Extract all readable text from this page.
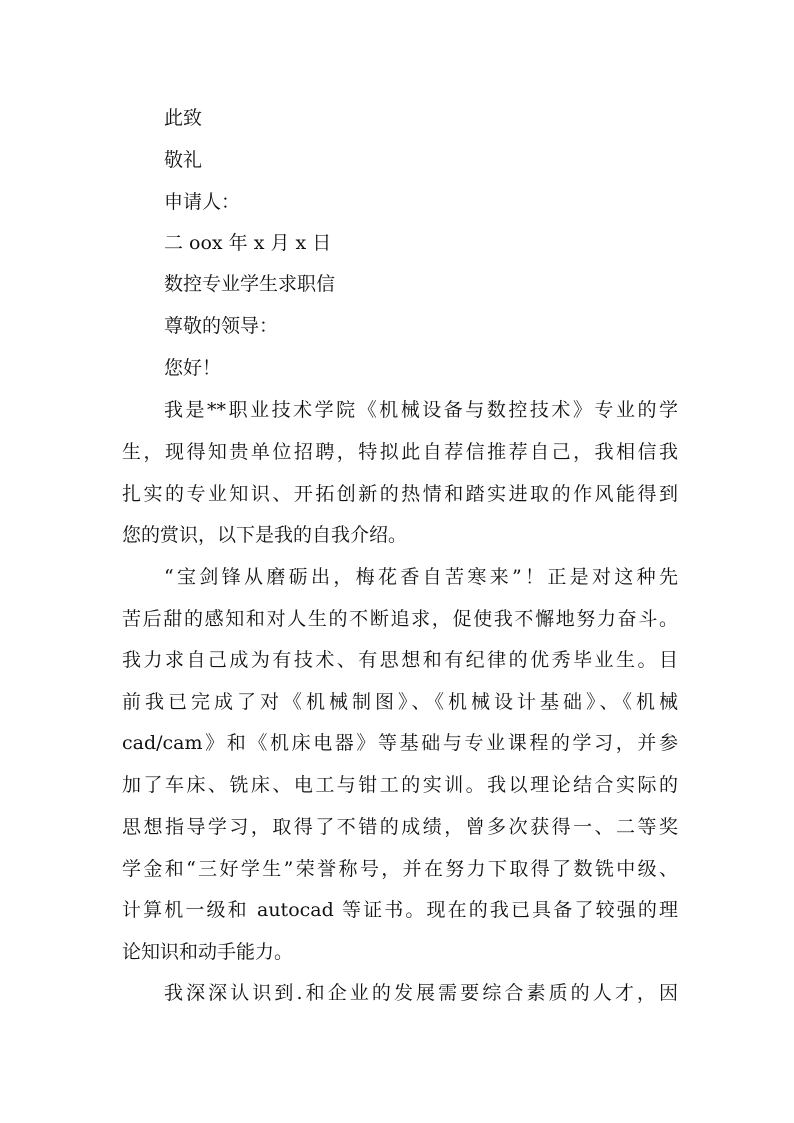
此致
敬礼
申请人：
二 oox 年 x 月 x 日
数控专业学生求职信
尊敬的领导：
您好！
我是**职业技术学院《机械设备与数控技术》专业的学
生，现得知贵单位招聘，特拟此自荐信推荐自己，我相信我
扎实的专业知识、开拓创新的热情和踏实进取的作风能得到
您的赏识，以下是我的自我介绍。
“宝剑锋从磨砺出，梅花香自苦寒来”！正是对这种先
苦后甜的感知和对人生的不断追求，促使我不懈地努力奋斗。
我力求自己成为有技术、有思想和有纪律的优秀毕业生。目
前我已完成了对《机械制图》、《机械设计基础》、《机械
cad/cam》和《机床电器》等基础与专业课程的学习，并参
加了车床、铣床、电工与钳工的实训。我以理论结合实际的
思想指导学习，取得了不错的成绩，曾多次获得一、二等奖
学金和“三好学生”荣誉称号，并在努力下取得了数铣中级、
计算机一级和 autocad 等证书。现在的我已具备了较强的理
论知识和动手能力。
我深深认识到.和企业的发展需要综合素质的人才，因
